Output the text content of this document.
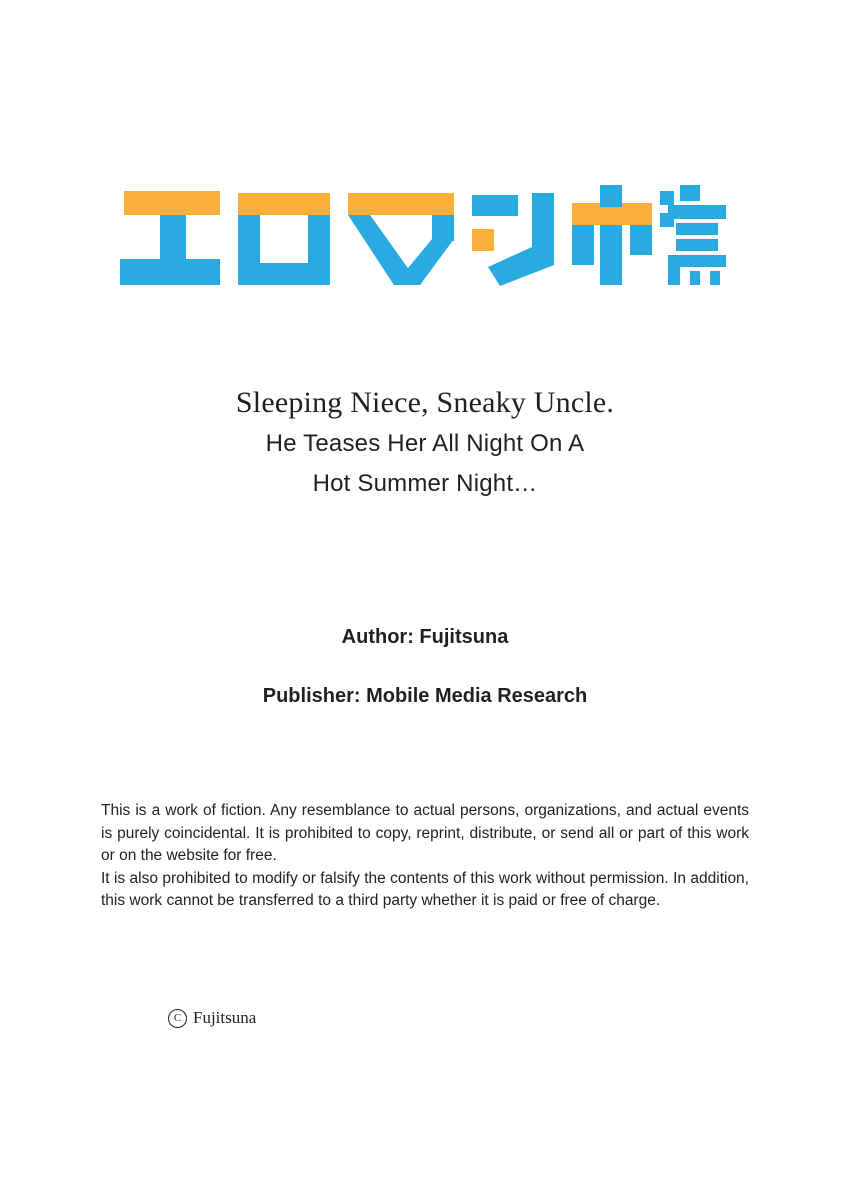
Sleeping Niece, Sneaky Uncle.
He Teases Her All Night On A
Hot Summer Night…
Author: Fujitsuna
Publisher: Mobile Media Research

This is a work of fiction. Any resemblance to actual persons, organizations, and actual events is purely coincidental. It is prohibited to copy, reprint, distribute, or send all or part of this work or on the website for free.

It is also prohibited to modify or falsify the contents of this work without permission. In addition, this work cannot be transferred to a third party whether it is paid or free of charge.

C Fujitsuna
